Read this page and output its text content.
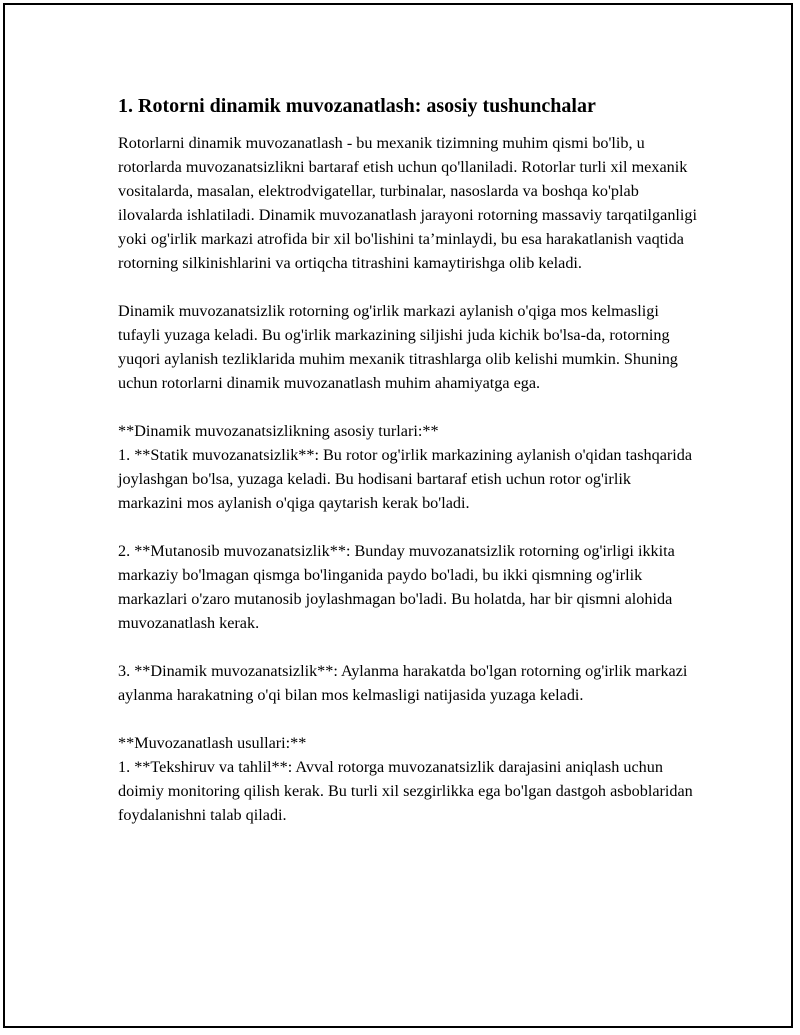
1. Rotorni dinamik muvozanatlash: asosiy tushunchalar

Rotorlarni dinamik muvozanatlash - bu mexanik tizimning muhim qismi bo'lib, u rotorlarda muvozanatsizlikni bartaraf etish uchun qo'llaniladi. Rotorlar turli xil mexanik vositalarda, masalan, elektrodvigatellar, turbinalar, nasoslarda va boshqa ko'plab ilovalarda ishlatiladi. Dinamik muvozanatlash jarayoni rotorning massaviy tarqatilganligi yoki og'irlik markazi atrofida bir xil bo'lishini ta’minlaydi, bu esa harakatlanish vaqtida rotorning silkinishlarini va ortiqcha titrashini kamaytirishga olib keladi.

Dinamik muvozanatsizlik rotorning og'irlik markazi aylanish o'qiga mos kelmasligi tufayli yuzaga keladi. Bu og'irlik markazining siljishi juda kichik bo'lsa-da, rotorning yuqori aylanish tezliklarida muhim mexanik titrashlarga olib kelishi mumkin. Shuning uchun rotorlarni dinamik muvozanatlash muhim ahamiyatga ega.

**Dinamik muvozanatsizlikning asosiy turlari:**

1. **Statik muvozanatsizlik**: Bu rotor og'irlik markazining aylanish o'qidan tashqarida joylashgan bo'lsa, yuzaga keladi. Bu hodisani bartaraf etish uchun rotor og'irlik markazini mos aylanish o'qiga qaytarish kerak bo'ladi.

2. **Mutanosib muvozanatsizlik**: Bunday muvozanatsizlik rotorning og'irligi ikkita markaziy bo'lmagan qismga bo'linganida paydo bo'ladi, bu ikki qismning og'irlik markazlari o'zaro mutanosib joylashmagan bo'ladi. Bu holatda, har bir qismni alohida muvozanatlash kerak.

3. **Dinamik muvozanatsizlik**: Aylanma harakatda bo'lgan rotorning og'irlik markazi aylanma harakatning o'qi bilan mos kelmasligi natijasida yuzaga keladi.

**Muvozanatlash usullari:**

1. **Tekshiruv va tahlil**: Avval rotorga muvozanatsizlik darajasini aniqlash uchun doimiy monitoring qilish kerak. Bu turli xil sezgirlikka ega bo'lgan dastgoh asboblaridan foydalanishni talab qiladi.
